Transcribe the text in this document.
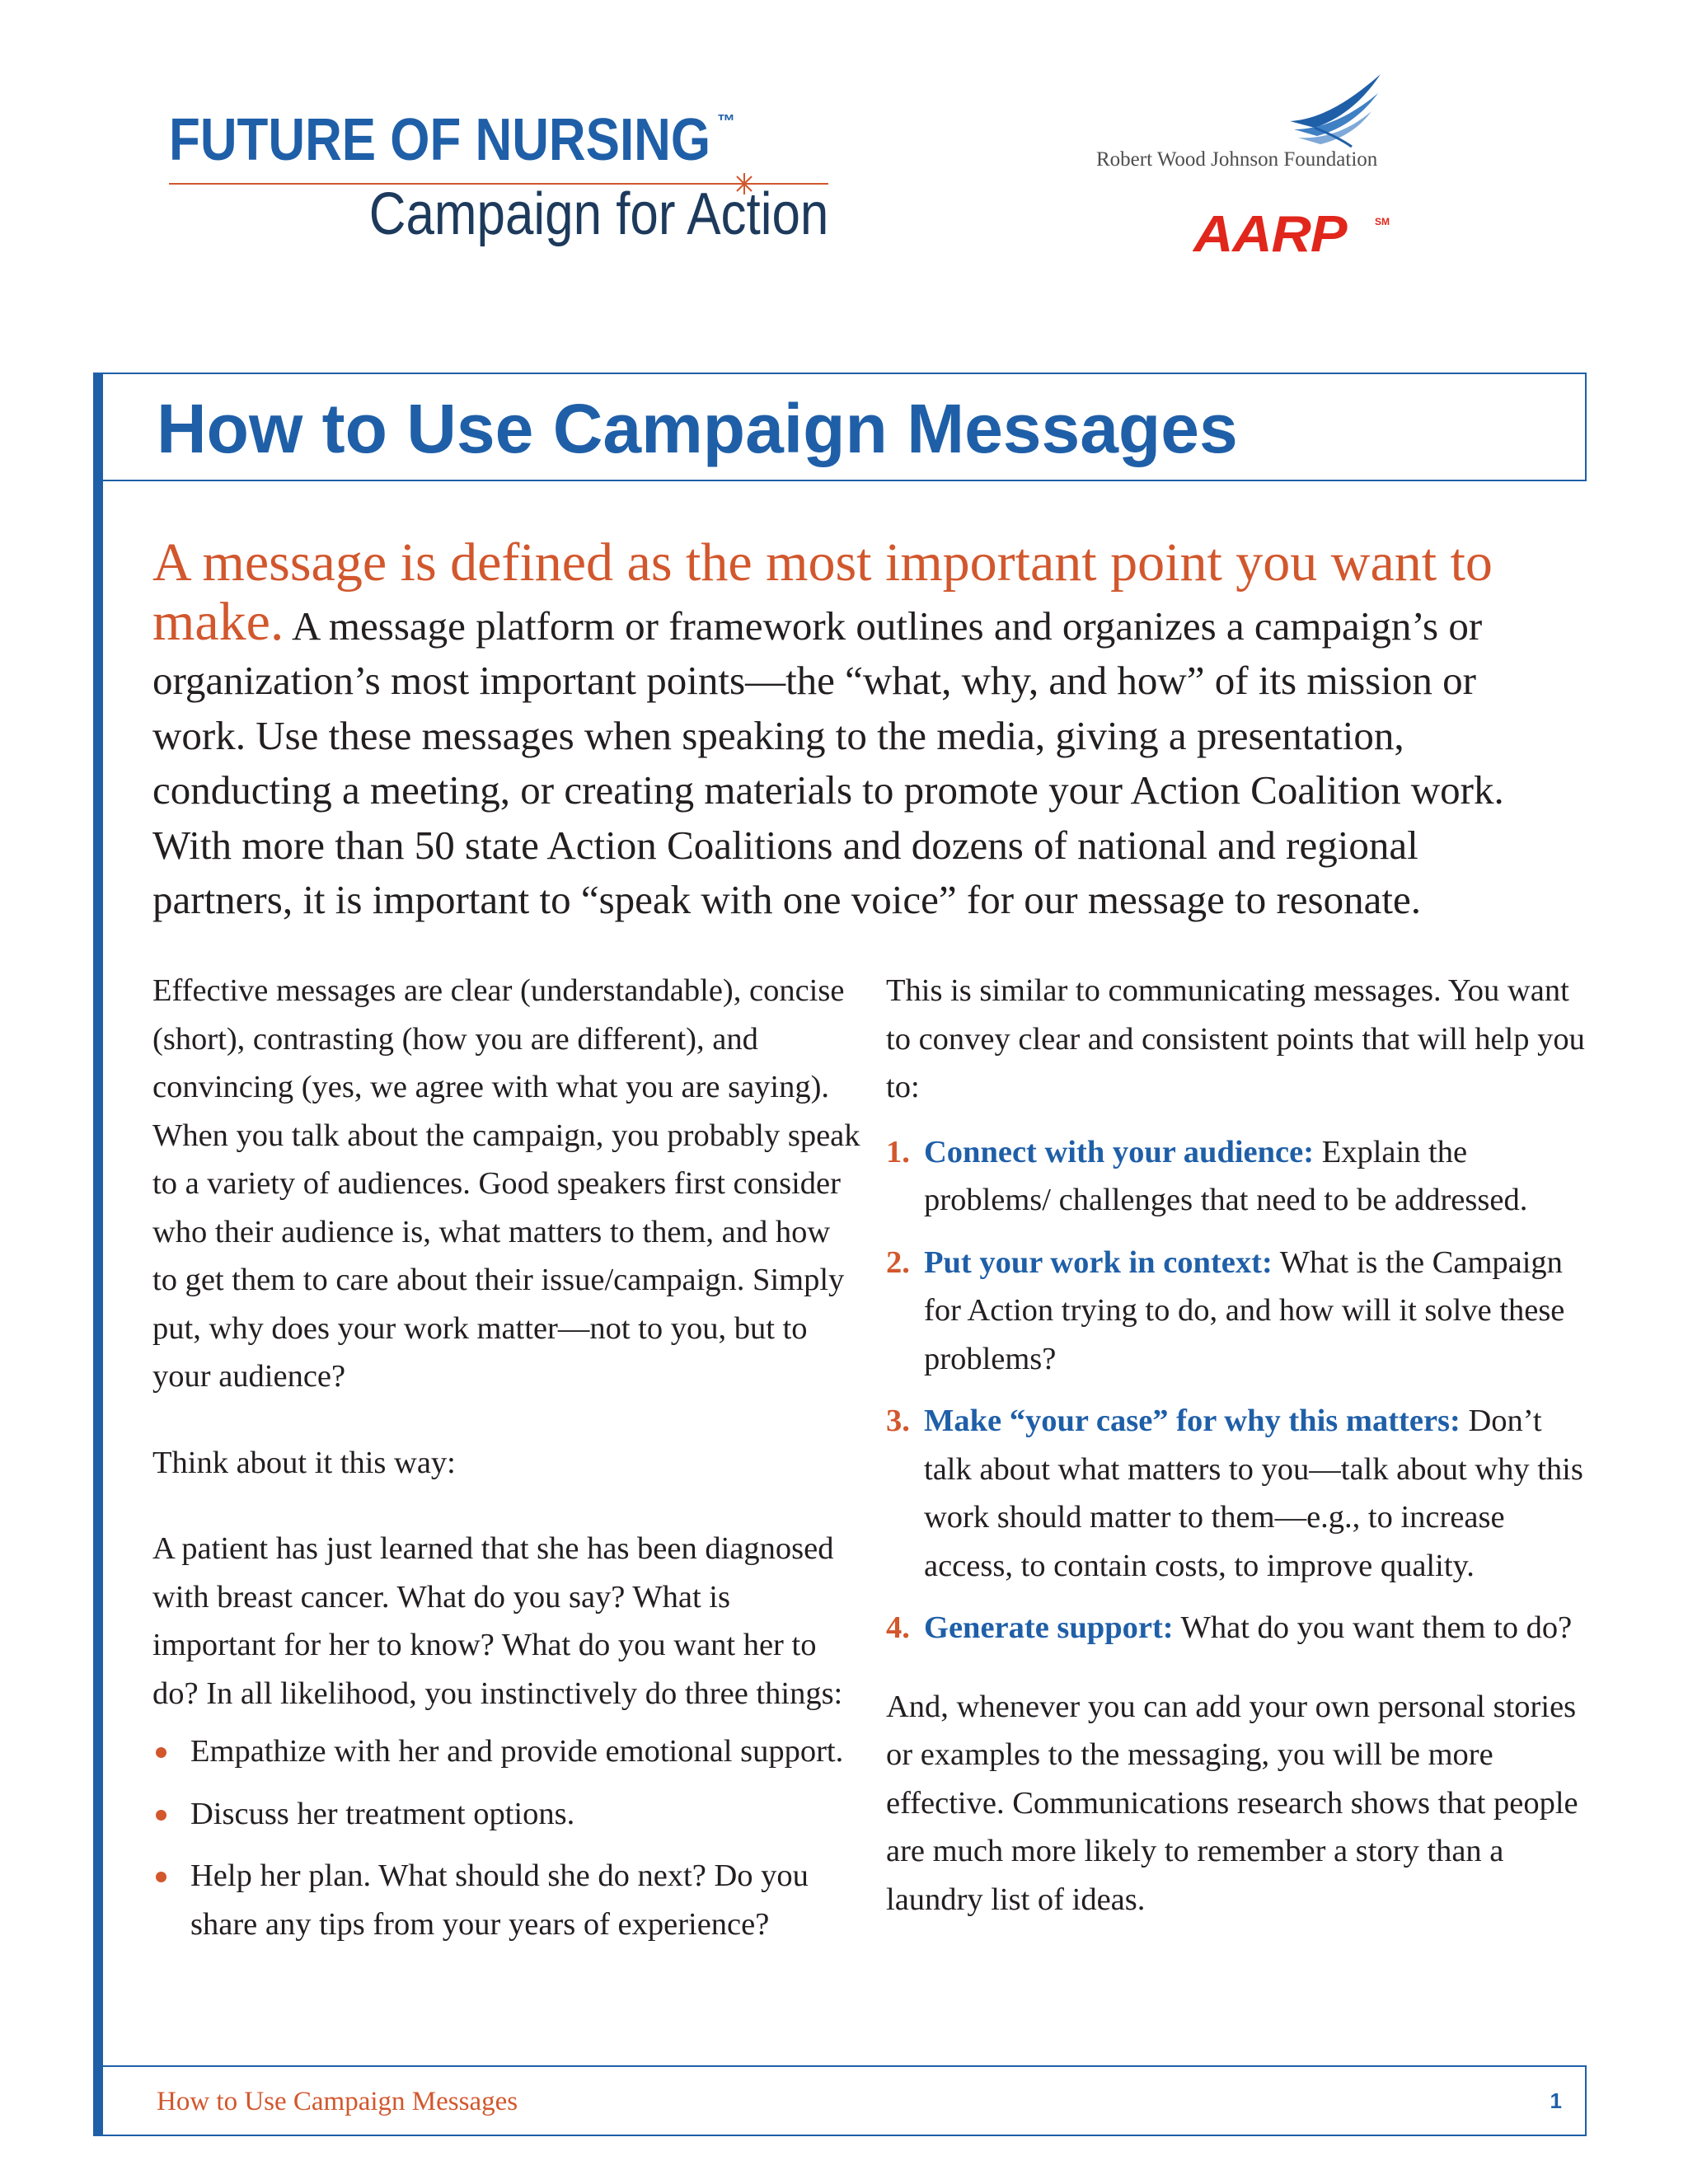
FUTURE OF NURSING ™
Campaign for Action
Robert Wood Johnson Foundation
AARP	SM
How to Use Campaign Messages
A message is defined as the most important point you want to make. A message platform or framework outlines and organizes a campaign’s or organization’s most important points—the “what, why, and how” of its mission or work. Use these messages when speaking to the media, giving a presentation, conducting a meeting, or creating materials to promote your Action Coalition work. With more than 50 state Action Coalitions and dozens of national and regional partners, it is important to “speak with one voice” for our message to resonate.

Effective messages are clear (understandable), concise (short), contrasting (how you are different), and convincing (yes, we agree with what you are saying). When you talk about the campaign, you probably speak to a variety of audiences. Good speakers first consider who their audience is, what matters to them, and how to get them to care about their issue/campaign. Simply put, why does your work matter—not to you, but to your audience?

Think about it this way:

A patient has just learned that she has been diagnosed with breast cancer. What do you say? What is important for her to know? What do you want her to do? In all likelihood, you instinctively do three things:

Empathize with her and provide emotional support.
Discuss her treatment options.
Help her plan. What should she do next? Do you share any tips from your years of experience?

This is similar to communicating messages. You want to convey clear and consistent points that will help you to:

1. Connect with your audience: Explain the problems/ challenges that need to be addressed.
2. Put your work in context: What is the Campaign for Action trying to do, and how will it solve these problems?
3. Make “your case” for why this matters: Don’t talk about what matters to you—talk about why this work should matter to them—e.g., to increase access, to contain costs, to improve quality.
4. Generate support: What do you want them to do?

And, whenever you can add your own personal stories or examples to the messaging, you will be more effective. Communications research shows that people are much more likely to remember a story than a laundry list of ideas.

How to Use Campaign Messages	1
